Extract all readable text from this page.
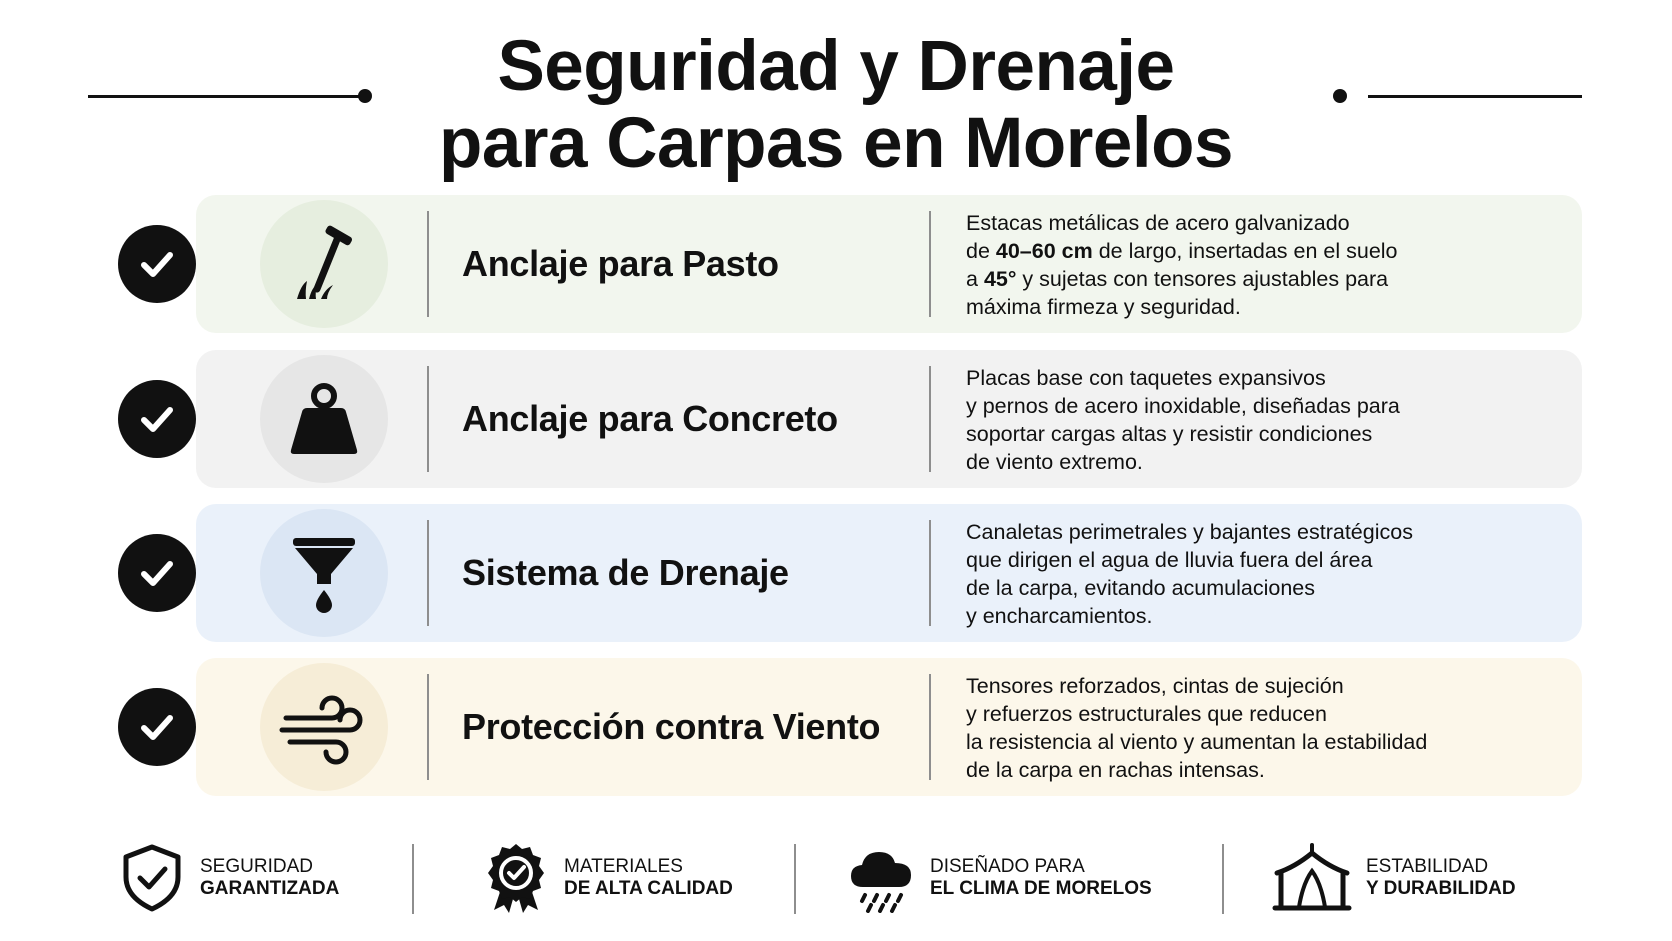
Seguridad y Drenaje
para Carpas en Morelos
Anclaje para Pasto
Estacas metálicas de acero galvanizado
de 40–60 cm de largo, insertadas en el suelo
a 45° y sujetas con tensores ajustables para
máxima firmeza y seguridad.
Anclaje para Concreto
Placas base con taquetes expansivos
y pernos de acero inoxidable, diseñadas para
soportar cargas altas y resistir condiciones
de viento extremo.
Sistema de Drenaje
Canaletas perimetrales y bajantes estratégicos
que dirigen el agua de lluvia fuera del área
de la carpa, evitando acumulaciones
y encharcamientos.
Protección contra Viento
Tensores reforzados, cintas de sujeción
y refuerzos estructurales que reducen
la resistencia al viento y aumentan la estabilidad
de la carpa en rachas intensas.
SEGURIDAD
GARANTIZADA
MATERIALES
DE ALTA CALIDAD
DISEÑADO PARA
EL CLIMA DE MORELOS
ESTABILIDAD
Y DURABILIDAD
